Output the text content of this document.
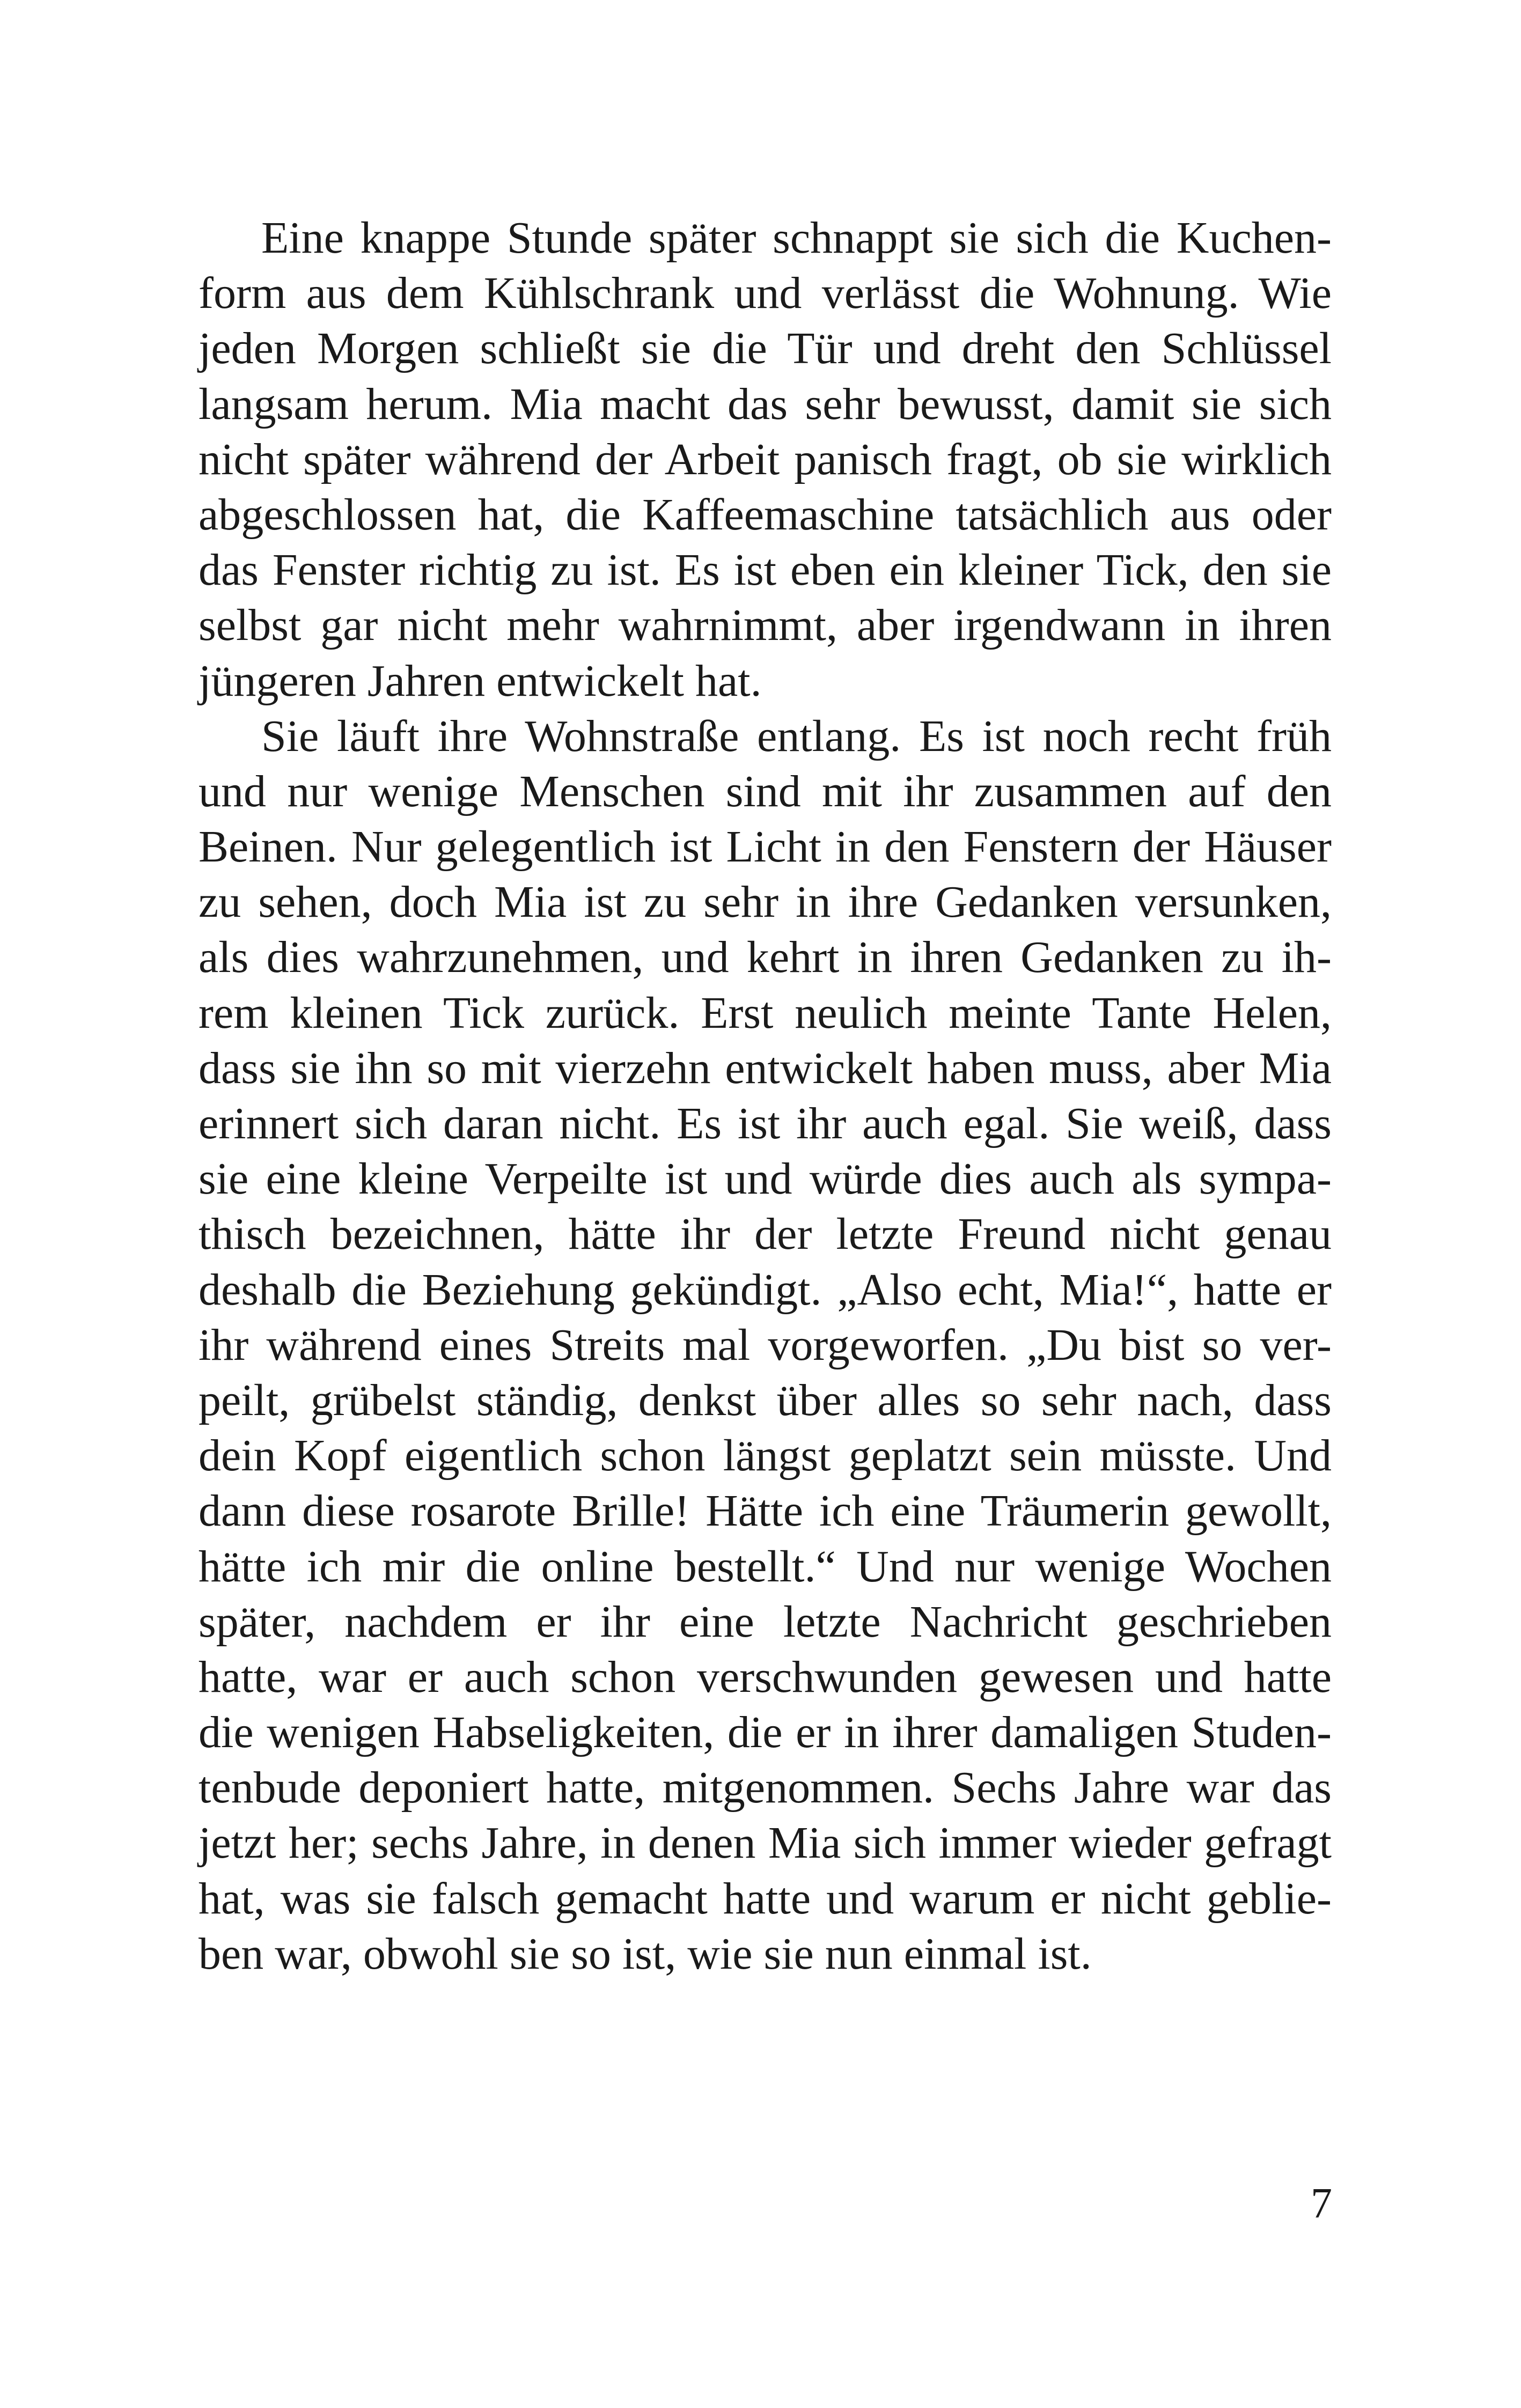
Eine knappe Stunde später schnappt sie sich die Kuchen-
form aus dem Kühlschrank und verlässt die Wohnung. Wie
jeden Morgen schließt sie die Tür und dreht den Schlüssel
langsam herum. Mia macht das sehr bewusst, damit sie sich
nicht später während der Arbeit panisch fragt, ob sie wirklich
abgeschlossen hat, die Kaffeemaschine tatsächlich aus oder
das Fenster richtig zu ist. Es ist eben ein kleiner Tick, den sie
selbst gar nicht mehr wahrnimmt, aber irgendwann in ihren
jüngeren Jahren entwickelt hat.
Sie läuft ihre Wohnstraße entlang. Es ist noch recht früh
und nur wenige Menschen sind mit ihr zusammen auf den
Beinen. Nur gelegentlich ist Licht in den Fenstern der Häuser
zu sehen, doch Mia ist zu sehr in ihre Gedanken versunken,
als dies wahrzunehmen, und kehrt in ihren Gedanken zu ih-
rem kleinen Tick zurück. Erst neulich meinte Tante Helen,
dass sie ihn so mit vierzehn entwickelt haben muss, aber Mia
erinnert sich daran nicht. Es ist ihr auch egal. Sie weiß, dass
sie eine kleine Verpeilte ist und würde dies auch als sympa-
thisch bezeichnen, hätte ihr der letzte Freund nicht genau
deshalb die Beziehung gekündigt. „Also echt, Mia!“, hatte er
ihr während eines Streits mal vorgeworfen. „Du bist so ver-
peilt, grübelst ständig, denkst über alles so sehr nach, dass
dein Kopf eigentlich schon längst geplatzt sein müsste. Und
dann diese rosarote Brille! Hätte ich eine Träumerin gewollt,
hätte ich mir die online bestellt.“ Und nur wenige Wochen
später, nachdem er ihr eine letzte Nachricht geschrieben
hatte, war er auch schon verschwunden gewesen und hatte
die wenigen Habseligkeiten, die er in ihrer damaligen Studen-
tenbude deponiert hatte, mitgenommen. Sechs Jahre war das
jetzt her; sechs Jahre, in denen Mia sich immer wieder gefragt
hat, was sie falsch gemacht hatte und warum er nicht geblie-
ben war, obwohl sie so ist, wie sie nun einmal ist.
7
